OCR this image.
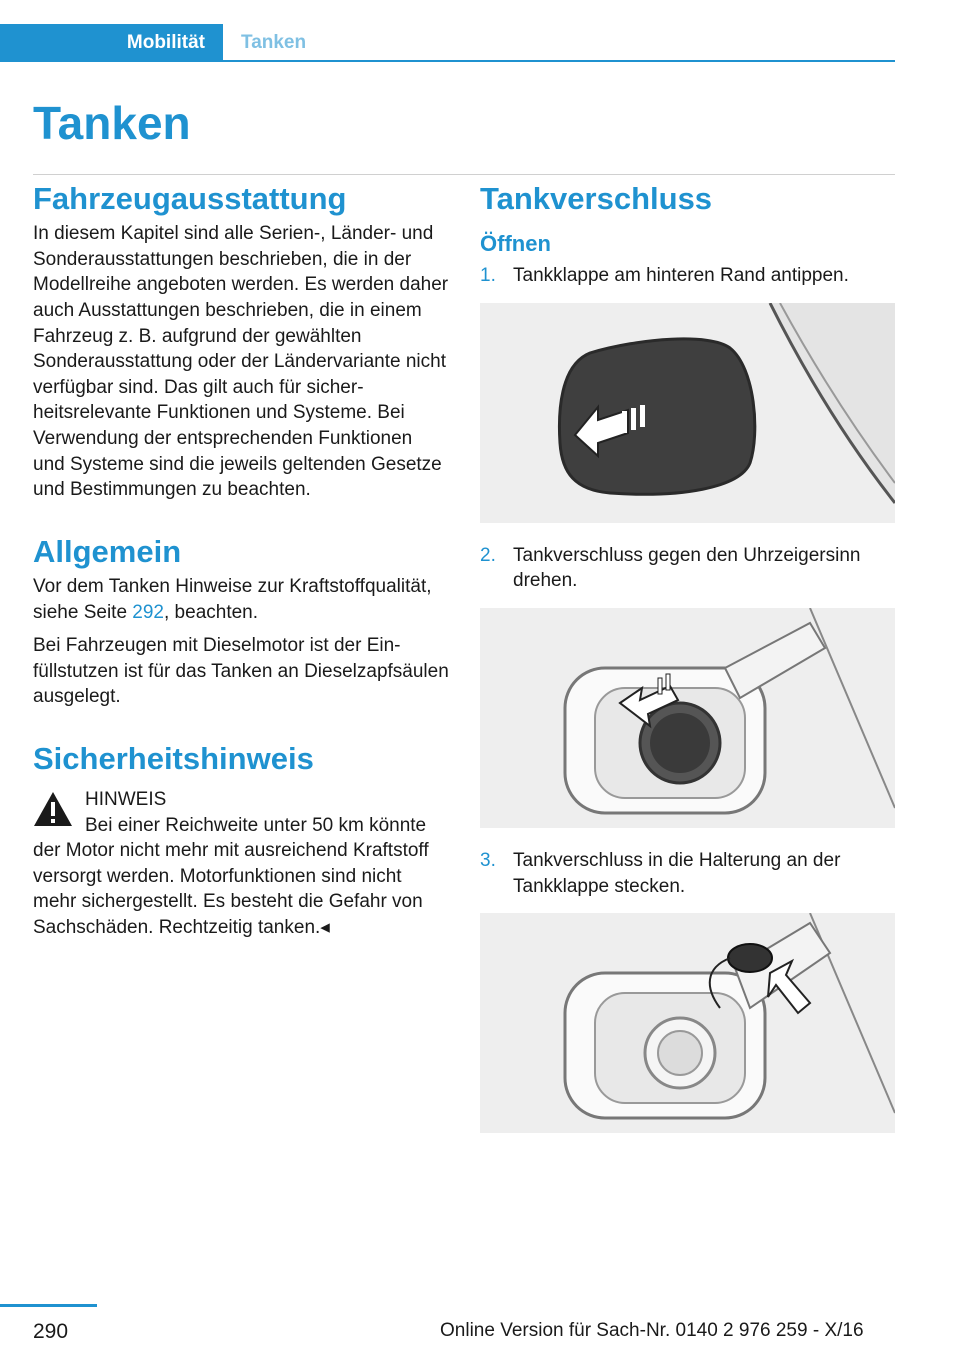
Mobilität	Tanken
Tanken
Fahrzeugausstattung

In diesem Kapitel sind alle Serien-, Länder- und Sonderausstattungen beschrieben, die in der Modellreihe angeboten werden. Es werden daher auch Ausstattungen beschrieben, die in einem Fahrzeug z. B. aufgrund der gewählten Sonderausstattung oder der Ländervariante nicht verfügbar sind. Das gilt auch für sicherheitsrelevante Funktionen und Systeme. Bei Verwendung der entsprechenden Funktionen und Systeme sind die jeweils geltenden Gesetze und Bestimmungen zu beachten.

Allgemein

Vor dem Tanken Hinweise zur Kraftstoffqualität, siehe Seite 292, beachten.

Bei Fahrzeugen mit Dieselmotor ist der Einfüllstutzen ist für das Tanken an Dieselzapfsäulen ausgelegt.

Sicherheitshinweis
HINWEIS

Bei einer Reichweite unter 50 km könnte der Motor nicht mehr mit ausreichend Kraftstoff versorgt werden. Motorfunktionen sind nicht mehr sichergestellt. Es besteht die Gefahr von Sachschäden. Rechtzeitig tanken.◂

Tankverschluss
Öffnen
1. Tankklappe am hinteren Rand antippen.
2. Tankverschluss gegen den Uhrzeigersinn drehen.
3. Tankverschluss in die Halterung an der Tankklappe stecken.
290	Online Version für Sach-Nr. 0140 2 976 259 - X/16
